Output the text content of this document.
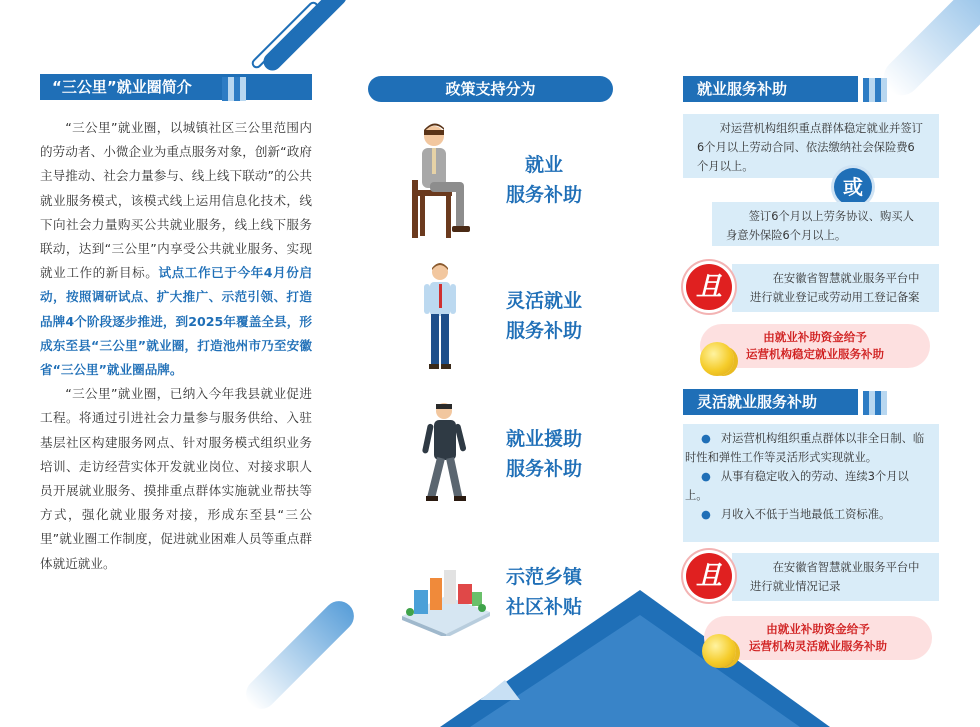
“三公里”就业圈简介

“三公里”就业圈，以城镇社区三公里范围内的劳动者、小微企业为重点服务对象，创新“政府主导推动、社会力量参与、线上线下联动”的公共就业服务模式，该模式线上运用信息化技术，线下向社会力量购买公共就业服务，线上线下服务联动，达到“三公里”内享受公共就业服务、实现就业工作的新目标。试点工作已于今年4月份启动，按照调研试点、扩大推广、示范引领、打造品牌4个阶段逐步推进，到2025年覆盖全县，形成东至县“三公里”就业圈，打造池州市乃至安徽省“三公里”就业圈品牌。

“三公里”就业圈，已纳入今年我县就业促进工程。将通过引进社会力量参与服务供给、入驻基层社区构建服务网点、针对服务模式组织业务培训、走访经营实体开发就业岗位、对接求职人员开展就业服务、摸排重点群体实施就业帮扶等方式，强化就业服务对接，形成东至县“三公里”就业圈工作制度，促进就业困难人员等重点群体就近就业。

政策支持分为
就业
服务补助
灵活就业
服务补助
就业援助
服务补助
示范乡镇
社区补贴
就业服务补助

对运营机构组织重点群体稳定就业并签订6个月以上劳动合同、依法缴纳社会保险费6个月以上。

或

签订6个月以上劳务协议、购买人身意外保险6个月以上。

在安徽省智慧就业服务平台中进行就业登记或劳动用工登记备案

且
由就业补助资金给予
运营机构稳定就业服务补助
灵活就业服务补助
● 对运营机构组织重点群体以非全日制、临时性和弹性工作等灵活形式实现就业。
● 从事有稳定收入的劳动、连续3个月以上。
● 月收入不低于当地最低工资标准。

在安徽省智慧就业服务平台中进行就业情况记录

且
由就业补助资金给予
运营机构灵活就业服务补助
